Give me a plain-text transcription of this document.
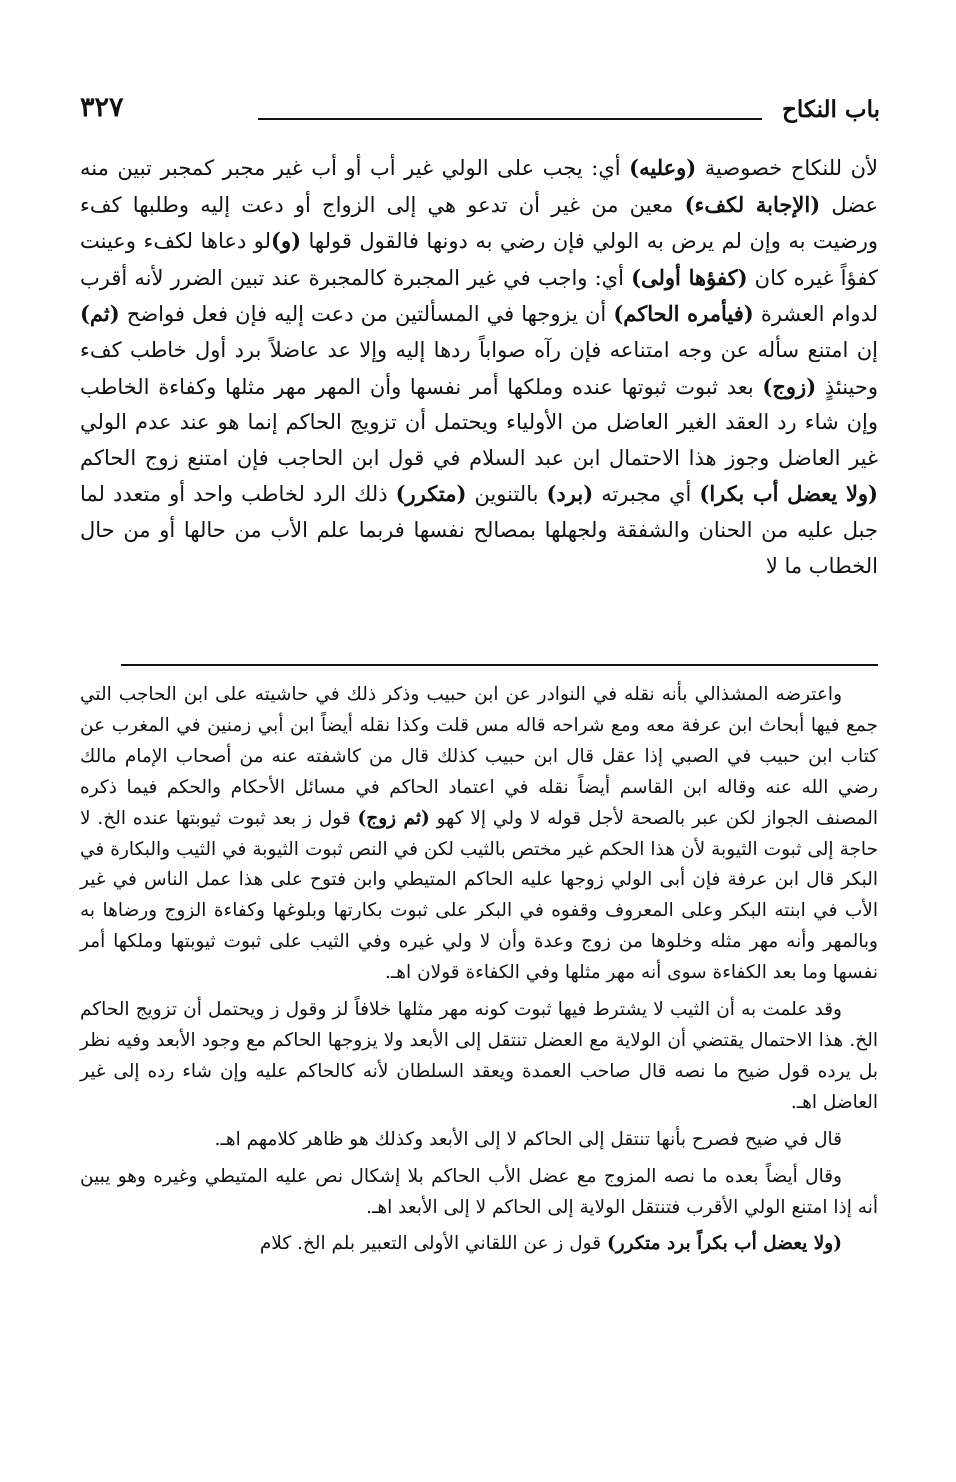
باب النكاح
٣٢٧

لأن للنكاح خصوصية (وعليه) أي: يجب على الولي غير أب أو أب غير مجبر كمجبر تبين منه عضل (الإجابة لكفء) معين من غير أن تدعو هي إلى الزواج أو دعت إليه وطلبها كفء ورضيت به وإن لم يرض به الولي فإن رضي به دونها فالقول قولها (و)لو دعاها لكفء وعينت كفؤاً غيره كان (كفؤها أولى) أي: واجب في غير المجبرة كالمجبرة عند تبين الضرر لأنه أقرب لدوام العشرة (فيأمره الحاكم) أن يزوجها في المسألتين من دعت إليه فإن فعل فواضح (ثم) إن امتنع سأله عن وجه امتناعه فإن رآه صواباً ردها إليه وإلا عد عاضلاً برد أول خاطب كفء وحينئذٍ (زوج) بعد ثبوت ثبوتها عنده وملكها أمر نفسها وأن المهر مهر مثلها وكفاءة الخاطب وإن شاء رد العقد الغير العاضل من الأولياء ويحتمل أن تزويج الحاكم إنما هو عند عدم الولي غير العاضل وجوز هذا الاحتمال ابن عبد السلام في قول ابن الحاجب فإن امتنع زوج الحاكم (ولا يعضل أب بكرا) أي مجبرته (برد) بالتنوين (متكرر) ذلك الرد لخاطب واحد أو متعدد لما جبل عليه من الحنان والشفقة ولجهلها بمصالح نفسها فربما علم الأب من حالها أو من حال الخطاب ما لا

واعترضه المشذالي بأنه نقله في النوادر عن ابن حبيب وذكر ذلك في حاشيته على ابن الحاجب التي جمع فيها أبحاث ابن عرفة معه ومع شراحه قاله مس قلت وكذا نقله أيضاً ابن أبي زمنين في المغرب عن كتاب ابن حبيب في الصبي إذا عقل قال ابن حبيب كذلك قال من كاشفته عنه من أصحاب الإمام مالك رضي الله عنه وقاله ابن القاسم أيضاً نقله في اعتماد الحاكم في مسائل الأحكام والحكم فيما ذكره المصنف الجواز لكن عبر بالصحة لأجل قوله لا ولي إلا كهو (ثم زوج) قول ز بعد ثبوت ثيوبتها عنده الخ. لا حاجة إلى ثبوت الثيوبة لأن هذا الحكم غير مختص بالثيب لكن في النص ثبوت الثيوبة في الثيب والبكارة في البكر قال ابن عرفة فإن أبى الولي زوجها عليه الحاكم المتيطي وابن فتوح على هذا عمل الناس في غير الأب في ابنته البكر وعلى المعروف وقفوه في البكر على ثبوت بكارتها وبلوغها وكفاءة الزوج ورضاها به وبالمهر وأنه مهر مثله وخلوها من زوج وعدة وأن لا ولي غيره وفي الثيب على ثبوت ثيوبتها وملكها أمر نفسها وما بعد الكفاءة سوى أنه مهر مثلها وفي الكفاءة قولان اهـ.

وقد علمت به أن الثيب لا يشترط فيها ثبوت كونه مهر مثلها خلافاً لز وقول ز ويحتمل أن تزويج الحاكم الخ. هذا الاحتمال يقتضي أن الولاية مع العضل تنتقل إلى الأبعد ولا يزوجها الحاكم مع وجود الأبعد وفيه نظر بل يرده قول ضيح ما نصه قال صاحب العمدة ويعقد السلطان لأنه كالحاكم عليه وإن شاء رده إلى غير العاضل اهـ.

قال في ضيح فصرح بأنها تنتقل إلى الحاكم لا إلى الأبعد وكذلك هو ظاهر كلامهم اهـ.

وقال أيضاً بعده ما نصه المزوج مع عضل الأب الحاكم بلا إشكال نص عليه المتيطي وغيره وهو يبين أنه إذا امتنع الولي الأقرب فتنتقل الولاية إلى الحاكم لا إلى الأبعد اهـ.

(ولا يعضل أب بكراً برد متكرر) قول ز عن اللقاني الأولى التعبير بلم الخ. كلام
